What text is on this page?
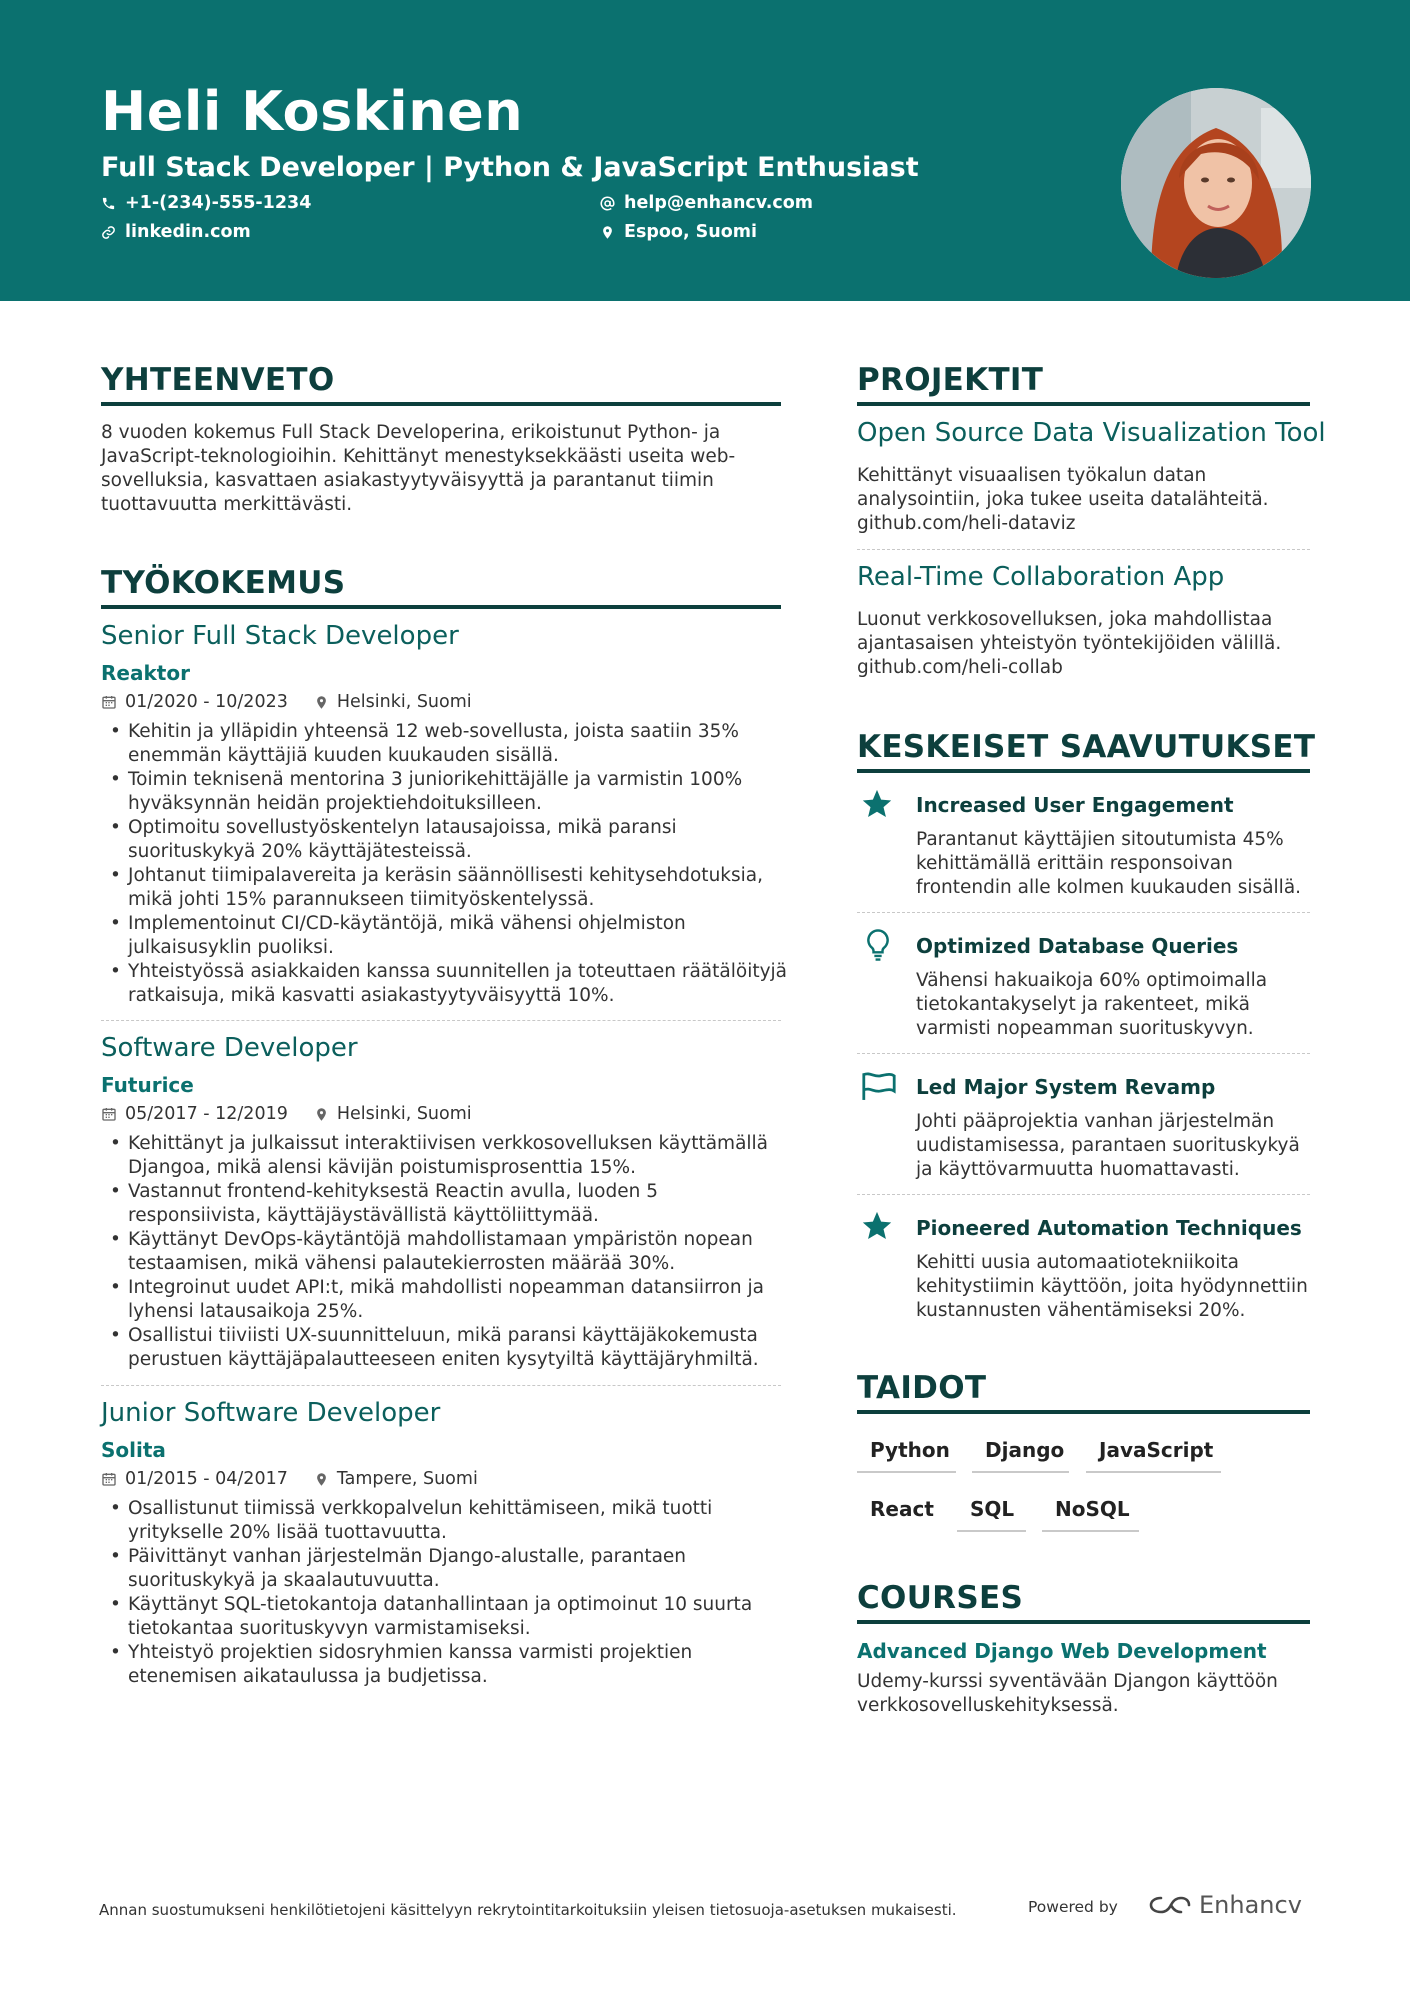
Heli Koskinen
Full Stack Developer | Python & JavaScript Enthusiast
+1-(234)-555-1234	help@enhancv.com
linkedin.com	Espoo, Suomi
YHTEENVETO
8 vuoden kokemus Full Stack Developerina, erikoistunut Python- ja
JavaScript-teknologioihin. Kehittänyt menestyksekkäästi useita web-
sovelluksia, kasvattaen asiakastyytyväisyyttä ja parantanut tiimin
tuottavuutta merkittävästi.
TYÖKOKEMUS
Senior Full Stack Developer
Reaktor
01/2020 - 10/2023	Helsinki, Suomi
• Kehitin ja ylläpidin yhteensä 12 web-sovellusta, joista saatiin 35%
enemmän käyttäjiä kuuden kuukauden sisällä.
• Toimin teknisenä mentorina 3 juniorikehittäjälle ja varmistin 100%
hyväksynnän heidän projektiehdoituksilleen.
• Optimoitu sovellustyöskentelyn latausajoissa, mikä paransi
suorituskykyä 20% käyttäjätesteissä.
• Johtanut tiimipalavereita ja keräsin säännöllisesti kehitysehdotuksia,
mikä johti 15% parannukseen tiimityöskentelyssä.
• Implementoinut CI/CD-käytäntöjä, mikä vähensi ohjelmiston
julkaisusyklin puoliksi.
• Yhteistyössä asiakkaiden kanssa suunnitellen ja toteuttaen räätälöityjä
ratkaisuja, mikä kasvatti asiakastyytyväisyyttä 10%.
Software Developer
Futurice
05/2017 - 12/2019	Helsinki, Suomi
• Kehittänyt ja julkaissut interaktiivisen verkkosovelluksen käyttämällä
Djangoa, mikä alensi kävijän poistumisprosenttia 15%.
• Vastannut frontend-kehityksestä Reactin avulla, luoden 5
responsiivista, käyttäjäystävällistä käyttöliittymää.
• Käyttänyt DevOps-käytäntöjä mahdollistamaan ympäristön nopean
testaamisen, mikä vähensi palautekierrosten määrää 30%.
• Integroinut uudet API:t, mikä mahdollisti nopeamman datansiirron ja
lyhensi latausaikoja 25%.
• Osallistui tiiviisti UX-suunnitteluun, mikä paransi käyttäjäkokemusta
perustuen käyttäjäpalautteeseen eniten kysytyiltä käyttäjäryhmiltä.
Junior Software Developer
Solita
01/2015 - 04/2017	Tampere, Suomi
• Osallistunut tiimissä verkkopalvelun kehittämiseen, mikä tuotti
yritykselle 20% lisää tuottavuutta.
• Päivittänyt vanhan järjestelmän Django-alustalle, parantaen
suorituskykyä ja skaalautuvuutta.
• Käyttänyt SQL-tietokantoja datanhallintaan ja optimoinut 10 suurta
tietokantaa suorituskyvyn varmistamiseksi.
• Yhteistyö projektien sidosryhmien kanssa varmisti projektien
etenemisen aikataulussa ja budjetissa.
PROJEKTIT
Open Source Data Visualization Tool
Kehittänyt visuaalisen työkalun datan
analysointiin, joka tukee useita datalähteitä.
github.com/heli-dataviz
Real-Time Collaboration App
Luonut verkkosovelluksen, joka mahdollistaa
ajantasaisen yhteistyön työntekijöiden välillä.
github.com/heli-collab
KESKEISET SAAVUTUKSET
Increased User Engagement
Parantanut käyttäjien sitoutumista 45%
kehittämällä erittäin responsoivan
frontendin alle kolmen kuukauden sisällä.
Optimized Database Queries
Vähensi hakuaikoja 60% optimoimalla
tietokantakyselyt ja rakenteet, mikä
varmisti nopeamman suorituskyvyn.
Led Major System Revamp
Johti pääprojektia vanhan järjestelmän
uudistamisessa, parantaen suorituskykyä
ja käyttövarmuutta huomattavasti.
Pioneered Automation Techniques
Kehitti uusia automaatiotekniikoita
kehitystiimin käyttöön, joita hyödynnettiin
kustannusten vähentämiseksi 20%.
TAIDOT
Python Django JavaScript
React SQL NoSQL
COURSES
Advanced Django Web Development
Udemy-kurssi syventävään Djangon käyttöön
verkkosovelluskehityksessä.
Annan suostumukseni henkilötietojeni käsittelyyn rekrytointitarkoituksiin yleisen tietosuoja-asetuksen mukaisesti.	Powered by	Enhancv
